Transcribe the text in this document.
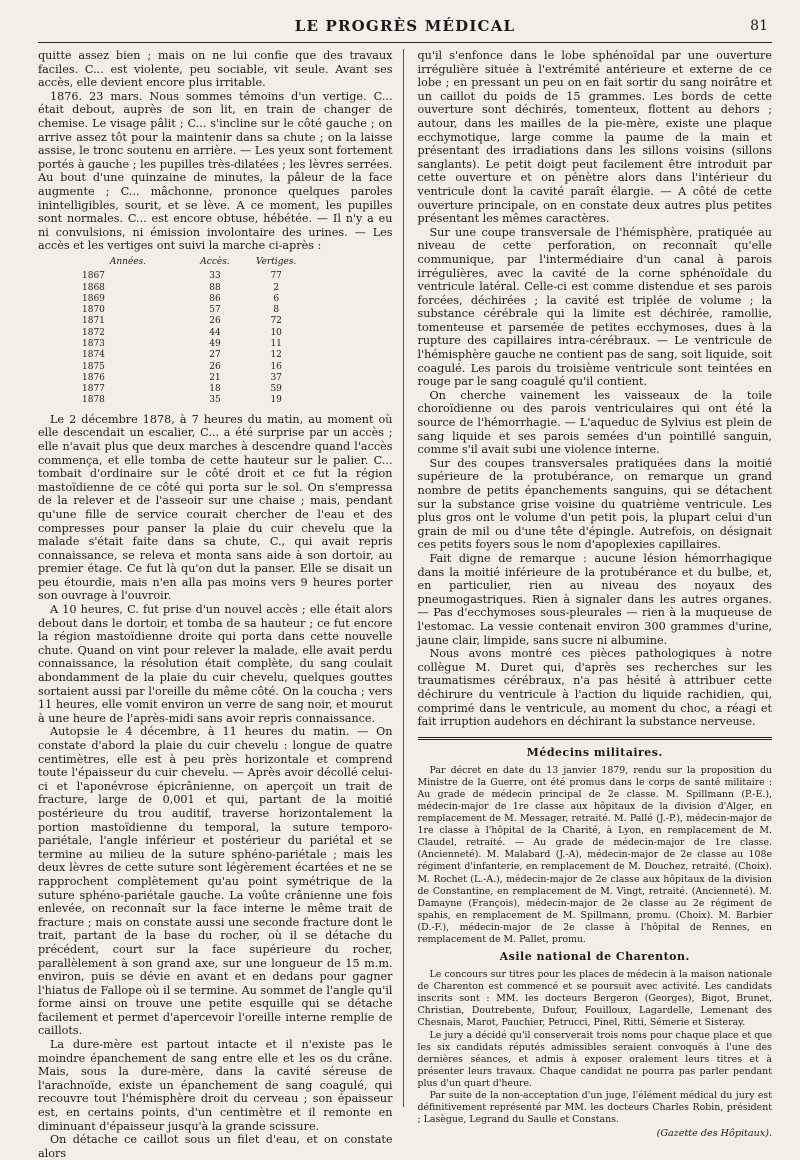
LE PROGRÈS MÉDICAL	81

quitte assez bien ; mais on ne lui confie que des travaux faciles. C... est violente, peu sociable, vit seule. Avant ses accès, elle devient encore plus irritable.

1876. 23 mars. Nous sommes témoins d'un vertige. C... était debout, auprès de son lit, en train de changer de chemise. Le visage pâlit ; C... s'incline sur le côté gauche ; on arrive assez tôt pour la maintenir dans sa chute ; on la laisse assise, le tronc soutenu en arrière. — Les yeux sont fortement portés à gauche ; les pupilles très-dilatées ; les lèvres serrées. Au bout d'une quinzaine de minutes, la pâleur de la face augmente ; C... mâchonne, prononce quelques paroles inintelligibles, sourit, et se lève. A ce moment, les pupilles sont normales. C... est encore obtuse, hébétée. — Il n'y a eu ni convulsions, ni émission involontaire des urines. — Les accès et les vertiges ont suivi la marche ci-après :

Années.	Accès.	Vertiges.
1867	33	77
1868	88	2
1869	86	6
1870	57	8
1871	26	72
1872	44	10
1873	49	11
1874	27	12
1875	26	16
1876	21	37
1877	18	59
1878	35	19

Le 2 décembre 1878, à 7 heures du matin, au moment où elle descendait un escalier, C... a été surprise par un accès ; elle n'avait plus que deux marches à descendre quand l'accès commença, et elle tomba de cette hauteur sur le palier. C... tombait d'ordinaire sur le côté droit et ce fut la région mastoïdienne de ce côté qui porta sur le sol. On s'empressa de la relever et de l'asseoir sur une chaise ; mais, pendant qu'une fille de service courait chercher de l'eau et des compresses pour panser la plaie du cuir chevelu que la malade s'était faite dans sa chute, C., qui avait repris connaissance, se releva et monta sans aide à son dortoir, au premier étage. Ce fut là qu'on dut la panser. Elle se disait un peu étourdie, mais n'en alla pas moins vers 9 heures porter son ouvrage à l'ouvroir.

A 10 heures, C. fut prise d'un nouvel accès ; elle était alors debout dans le dortoir, et tomba de sa hauteur ; ce fut encore la région mastoïdienne droite qui porta dans cette nouvelle chute. Quand on vint pour relever la malade, elle avait perdu connaissance, la résolution était complète, du sang coulait abondamment de la plaie du cuir chevelu, quelques gouttes sortaient aussi par l'oreille du même côté. On la coucha ; vers 11 heures, elle vomit environ un verre de sang noir, et mourut à une heure de l'après-midi sans avoir repris connaissance.

Autopsie le 4 décembre, à 11 heures du matin. — On constate d'abord la plaie du cuir chevelu : longue de quatre centimètres, elle est à peu près horizontale et comprend toute l'épaisseur du cuir chevelu. — Après avoir décollé celui-ci et l'aponévrose épicrânienne, on aperçoit un trait de fracture, large de 0,001 et qui, partant de la moitié postérieure du trou auditif, traverse horizontalement la portion mastoïdienne du temporal, la suture temporo-pariétale, l'angle inférieur et postérieur du pariétal et se termine au milieu de la suture sphéno-pariétale ; mais les deux lèvres de cette suture sont légèrement écartées et ne se rapprochent complètement qu'au point symétrique de la suture sphéno-pariétale gauche. La voûte crânienne une fois enlevée, on reconnaît sur la face interne le même trait de fracture ; mais on constate aussi une seconde fracture dont le trait, partant de la base du rocher, où il se détache du précédent, court sur la face supérieure du rocher, parallèlement à son grand axe, sur une longueur de 15 m.m. environ, puis se dévie en avant et en dedans pour gagner l'hiatus de Fallope où il se termine. Au sommet de l'angle qu'il forme ainsi on trouve une petite esquille qui se détache facilement et permet d'apercevoir l'oreille interne remplie de caillots.

La dure-mère est partout intacte et il n'existe pas le moindre épanchement de sang entre elle et les os du crâne. Mais, sous la dure-mère, dans la cavité séreuse de l'arachnoïde, existe un épanchement de sang coagulé, qui recouvre tout l'hémisphère droit du cerveau ; son épaisseur est, en certains points, d'un centimètre et il remonte en diminuant d'épaisseur jusqu'à la grande scissure.

On détache ce caillot sous un filet d'eau, et on constate alors

qu'il s'enfonce dans le lobe sphénoïdal par une ouverture irrégulière située à l'extrémité antérieure et externe de ce lobe ; en pressant un peu on en fait sortir du sang noirâtre et un caillot du poids de 15 grammes. Les bords de cette ouverture sont déchirés, tomenteux, flottent au dehors ; autour, dans les mailles de la pie-mère, existe une plaque ecchymotique, large comme la paume de la main et présentant des irradiations dans les sillons voisins (sillons sanglants). Le petit doigt peut facilement être introduit par cette ouverture et on pénètre alors dans l'intérieur du ventricule dont la cavité paraît élargie. — A côté de cette ouverture principale, on en constate deux autres plus petites présentant les mêmes caractères.

Sur une coupe transversale de l'hémisphère, pratiquée au niveau de cette perforation, on reconnaît qu'elle communique, par l'intermédiaire d'un canal à parois irrégulières, avec la cavité de la corne sphénoïdale du ventricule latéral. Celle-ci est comme distendue et ses parois forcées, déchirées ; la cavité est triplée de volume ; la substance cérébrale qui la limite est déchirée, ramollie, tomenteuse et parsemée de petites ecchymoses, dues à la rupture des capillaires intra-cérébraux. — Le ventricule de l'hémisphère gauche ne contient pas de sang, soit liquide, soit coagulé. Les parois du troisième ventricule sont teintées en rouge par le sang coagulé qu'il contient.

On cherche vainement les vaisseaux de la toile choroïdienne ou des parois ventriculaires qui ont été la source de l'hémorrhagie. — L'aqueduc de Sylvius est plein de sang liquide et ses parois semées d'un pointillé sanguin, comme s'il avait subi une violence interne.

Sur des coupes transversales pratiquées dans la moitié supérieure de la protubérance, on remarque un grand nombre de petits épanchements sanguins, qui se détachent sur la substance grise voisine du quatrième ventricule. Les plus gros ont le volume d'un petit pois, la plupart celui d'un grain de mil ou d'une tête d'épingle. Autrefois, on désignait ces petits foyers sous le nom d'apoplexies capillaires.

Fait digne de remarque : aucune lésion hémorrhagique dans la moitié inférieure de la protubérance et du bulbe, et, en particulier, rien au niveau des noyaux des pneumogastriques. Rien à signaler dans les autres organes. — Pas d'ecchymoses sous-pleurales — rien à la muqueuse de l'estomac. La vessie contenait environ 300 grammes d'urine, jaune clair, limpide, sans sucre ni albumine.

Nous avons montré ces pièces pathologiques à notre collègue M. Duret qui, d'après ses recherches sur les traumatismes cérébraux, n'a pas hésité à attribuer cette déchirure du ventricule à l'action du liquide rachidien, qui, comprimé dans le ventricule, au moment du choc, a réagi et fait irruption audehors en déchirant la substance nerveuse.

Médecins militaires.

Par décret en date du 13 janvier 1879, rendu sur la proposition du Ministre de la Guerre, ont été promus dans le corps de santé militaire : Au grade de médecin principal de 2e classe. M. Spillmann (P.-E.), médecin-major de 1re classe aux hôpitaux de la division d'Alger, en remplacement de M. Messager, retraité. M. Pallé (J.-P.), médecin-major de 1re classe à l'hôpital de la Charité, à Lyon, en remplacement de M. Claudel, retraité. — Au grade de médecin-major de 1re classe. (Ancienneté). M. Malabard (J.-A), médecin-major de 2e classe au 108e régiment d'infanterie, en remplacement de M. Douchez, retraité. (Choix). M. Rochet (L.-A.), médecin-major de 2e classe aux hôpitaux de la division de Constantine, en remplacement de M. Vingt, retraité. (Ancienneté). M. Damayne (François), médecin-major de 2e classe au 2e régiment de spahis, en remplacement de M. Spillmann, promu. (Choix). M. Barbier (D.-F.), médecin-major de 2e classe à l'hôpital de Rennes, en remplacement de M. Pallet, promu.

Asile national de Charenton.

Le concours sur titres pour les places de médecin à la maison nationale de Charenton est commencé et se poursuit avec activité. Les candidats inscrits sont : MM. les docteurs Bergeron (Georges), Bigot, Brunet, Christian, Doutrebente, Dufour, Fouilloux, Lagardelle, Lemenant des Chesnais, Marot, Pauchier, Petrucci, Pinel, Ritti, Sémerie et Sisteray.

Le jury a décidé qu'il conserverait trois noms pour chaque place et que les six candidats réputés admissibles seraient convoqués à l'une des dernières séances, et admis à exposer oralement leurs titres et à présenter leurs travaux. Chaque candidat ne pourra pas parler pendant plus d'un quart d'heure.

Par suite de la non-acceptation d'un juge, l'élément médical du jury est définitivement représenté par MM. les docteurs Charles Robin, président ; Lasègue, Legrand du Saulle et Constans.

(Gazette des Hôpitaux).
